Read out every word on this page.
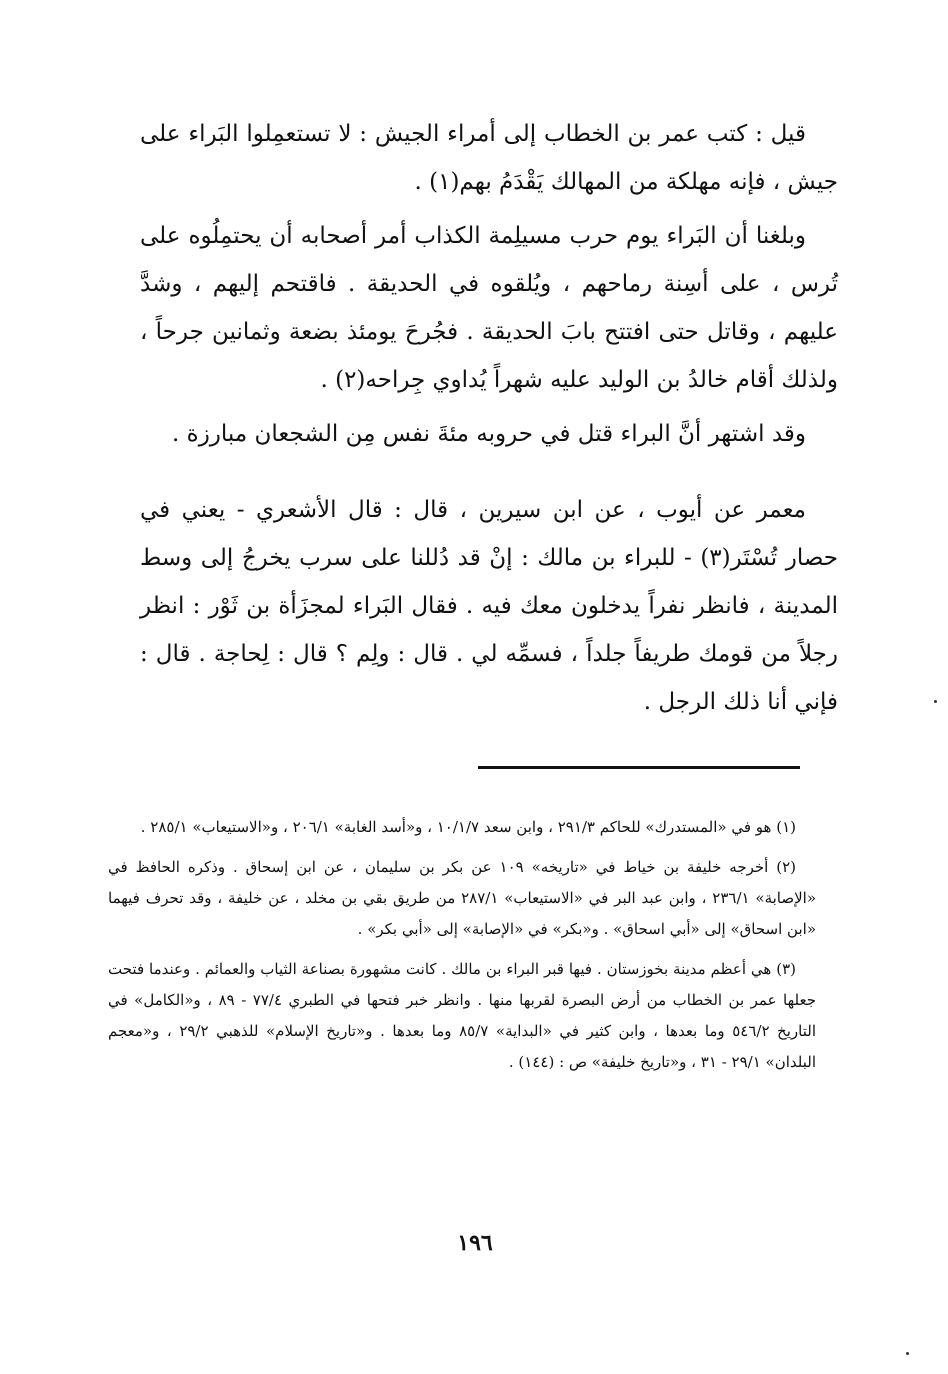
قيل : كتب عمر بن الخطاب إلى أمراء الجيش : لا تستعمِلوا البَراء على جيش ، فإنه مهلكة من المهالك يَقْدَمُ بهم(١) .

وبلغنا أن البَراء يوم حرب مسيلِمة الكذاب أمر أصحابه أن يحتمِلُوه على تُرس ، على أسِنة رماحهم ، ويُلقوه في الحديقة . فاقتحم إليهم ، وشدَّ عليهم ، وقاتل حتى افتتح بابَ الحديقة . فجُرحَ يومئذ بضعة وثمانين جرحاً ، ولذلك أقام خالدُ بن الوليد عليه شهراً يُداوي جِراحه(٢) .

وقد اشتهر أنَّ البراء قتل في حروبه مئةَ نفس مِن الشجعان مبارزة .

معمر عن أيوب ، عن ابن سيرين ، قال : قال الأشعري - يعني في حصار تُسْتَر(٣) - للبراء بن مالك : إنْ قد دُللنا على سرب يخرجُ إلى وسط المدينة ، فانظر نفراً يدخلون معك فيه . فقال البَراء لمجزَأة بن ثَوْر : انظر رجلاً من قومك طريفاً جلداً ، فسمِّه لي . قال : ولِم ؟ قال : لِحاجة . قال : فإني أنا ذلك الرجل .

(١) هو في «المستدرك» للحاكم ٢٩١/٣ ، وابن سعد ١٠/١/٧ ، و«أسد الغابة» ٢٠٦/١ ، و«الاستيعاب» ٢٨٥/١ .

(٢) أخرجه خليفة بن خياط في «تاريخه» ١٠٩ عن بكر بن سليمان ، عن ابن إسحاق . وذكره الحافظ في «الإصابة» ٢٣٦/١ ، وابن عبد البر في «الاستيعاب» ٢٨٧/١ من طريق بقي بن مخلد ، عن خليفة ، وقد تحرف فيهما «ابن اسحاق» إلى «أبي اسحاق» . و«بكر» في «الإصابة» إلى «أبي بكر» .

(٣) هي أعظم مدينة بخوزستان . فيها قبر البراء بن مالك . كانت مشهورة بصناعة الثياب والعمائم . وعندما فتحت جعلها عمر بن الخطاب من أرض البصرة لقربها منها . وانظر خبر فتحها في الطبري ٧٧/٤ - ٨٩ ، و«الكامل» في التاريخ ٥٤٦/٢ وما بعدها ، وابن كثير في «البداية» ٨٥/٧ وما بعدها . و«تاريخ الإسلام» للذهبي ٢٩/٢ ، و«معجم البلدان» ٢٩/١ - ٣١ ، و«تاريخ خليفة» ص : (١٤٤) .

١٩٦
